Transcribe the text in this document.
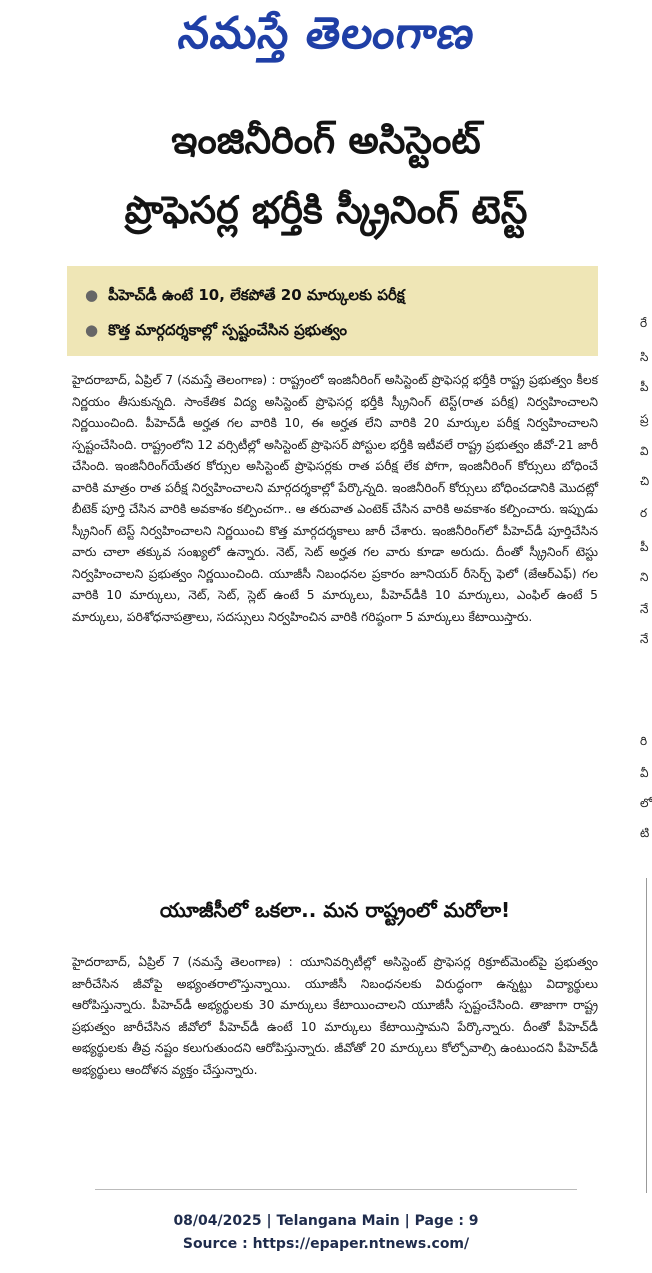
నమస్తే తెలంగాణ
ఇంజినీరింగ్ అసిస్టెంట్
ప్రొఫెసర్ల భర్తీకి స్క్రీనింగ్ టెస్ట్
● పీహెచ్‌డీ ఉంటే 10, లేకపోతే 20 మార్కులకు పరీక్ష
● కొత్త మార్గదర్శకాల్లో స్పష్టంచేసిన ప్రభుత్వం
హైదరాబాద్, ఏప్రిల్ 7 (నమస్తే తెలంగాణ) : రాష్ట్రంలో ఇంజినీరింగ్ అసిస్టెంట్ ప్రొఫెసర్ల భర్తీకి రాష్ట్ర ప్రభుత్వం కీలక నిర్ణయం తీసుకున్నది. సాంకేతిక విద్య అసిస్టెంట్ ప్రొఫెసర్ల భర్తీకి స్క్రీనింగ్ టెస్ట్(రాత పరీక్ష) నిర్వహించాలని నిర్ణయించింది. పీహెచ్‌డీ అర్హత గల వారికి 10, ఈ అర్హత లేని వారికి 20 మార్కుల పరీక్ష నిర్వహించాలని స్పష్టంచేసింది. రాష్ట్రంలోని 12 వర్సిటీల్లో అసిస్టెంట్ ప్రొఫెసర్ పోస్టుల భర్తీకి ఇటీవలే రాష్ట్ర ప్రభుత్వం జీవో-21 జారీ చేసింది. ఇంజినీరింగ్‌యేతర కోర్సుల అసిస్టెంట్ ప్రొఫెసర్లకు రాత పరీక్ష లేక పోగా, ఇంజినీరింగ్ కోర్సులు బోధించే వారికి మాత్రం రాత పరీక్ష నిర్వహించాలని మార్గదర్శకాల్లో పేర్కొన్నది. ఇంజినీరింగ్ కోర్సులు బోధించడానికి మొదట్లో బీటెక్ పూర్తి చేసిన వారికి అవకాశం కల్పించగా.. ఆ తరువాత ఎంటెక్ చేసిన వారికి అవకాశం కల్పించారు. ఇప్పుడు స్క్రీనింగ్ టెస్ట్ నిర్వహించాలని నిర్ణయించి కొత్త మార్గదర్శకాలు జారీ చేశారు. ఇంజినీరింగ్‌లో పీహెచ్‌డీ పూర్తిచేసిన వారు చాలా తక్కువ సంఖ్యలో ఉన్నారు. నెట్, సెట్ అర్హత గల వారు కూడా అరుదు. దీంతో స్క్రీనింగ్ టెస్టు నిర్వహించాలని ప్రభుత్వం నిర్ణయించింది. యూజీసీ నిబంధనల ప్రకారం జూనియర్ రీసెర్చ్ ఫెలో (జేఆర్‌ఎఫ్) గల వారికి 10 మార్కులు, నెట్, సెట్, స్లెట్ ఉంటే 5 మార్కులు, పీహెచ్‌డీకి 10 మార్కులు, ఎంఫిల్ ఉంటే 5 మార్కులు, పరిశోధనాపత్రాలు, సదస్సులు నిర్వహించిన వారికి గరిష్ఠంగా 5 మార్కులు కేటాయిస్తారు.
యూజీసీలో ఒకలా.. మన రాష్ట్రంలో మరోలా!
హైదరాబాద్, ఏప్రిల్ 7 (నమస్తే తెలంగాణ) : యూనివర్సిటీల్లో అసిస్టెంట్ ప్రొఫెసర్ల రిక్రూట్‌మెంట్‌పై ప్రభుత్వం జారీచేసిన జీవోపై అభ్యంతరాలొస్తున్నాయి. యూజీసీ నిబంధనలకు విరుద్ధంగా ఉన్నట్టు విద్యార్థులు ఆరోపిస్తున్నారు. పీహెచ్‌డీ అభ్యర్థులకు 30 మార్కులు కేటాయించాలని యూజీసీ స్పష్టంచేసింది. తాజాగా రాష్ట్ర ప్రభుత్వం జారీచేసిన జీవోలో పీహెచ్‌డీ ఉంటే 10 మార్కులు కేటాయిస్తామని పేర్కొన్నారు. దీంతో పీహెచ్‌డీ అభ్యర్థులకు తీవ్ర నష్టం కలుగుతుందని ఆరోపిస్తున్నారు. జీవోతో 20 మార్కులు కోల్పోవాల్సి ఉంటుందని పీహెచ్‌డీ అభ్యర్థులు ఆందోళన వ్యక్తం చేస్తున్నారు.
రే
సి
పీ
ప్ర
వి
చి
ర
పీ
ని
నే
నే
రి
వీ
లో
టి
08/04/2025 | Telangana Main | Page : 9
Source : https://epaper.ntnews.com/
